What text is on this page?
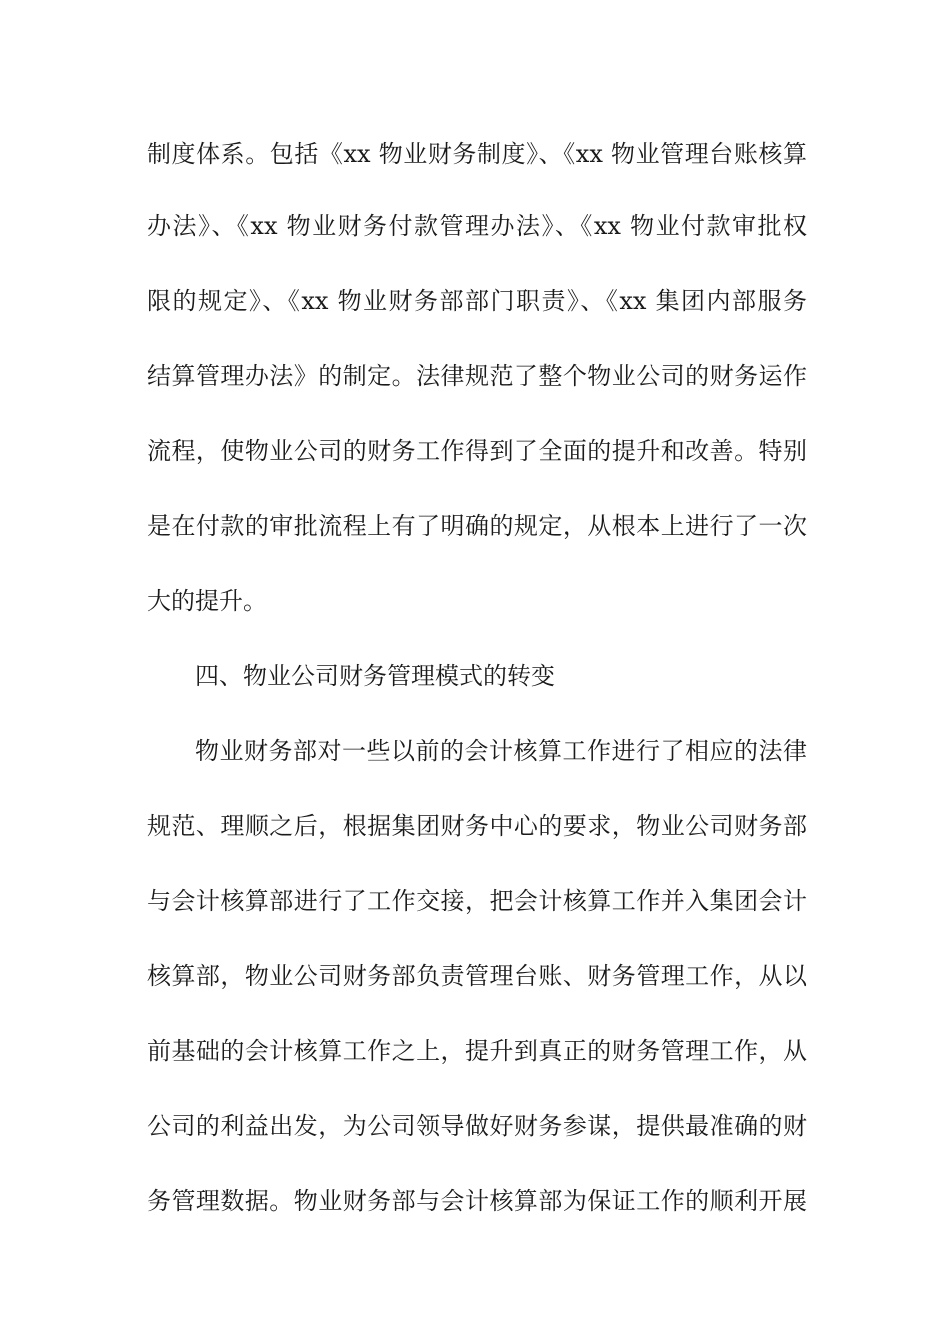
制度体系。包括《xx 物业财务制度》、《xx 物业管理台账核算

办法》、《xx 物业财务付款管理办法》、《xx 物业付款审批权

限的规定》、《xx 物业财务部部门职责》、《xx 集团内部服务

结算管理办法》的制定。法律规范了整个物业公司的财务运作

流程，使物业公司的财务工作得到了全面的提升和改善。特别

是在付款的审批流程上有了明确的规定，从根本上进行了一次

大的提升。

四、物业公司财务管理模式的转变

物业财务部对一些以前的会计核算工作进行了相应的法律

规范、理顺之后，根据集团财务中心的要求，物业公司财务部

与会计核算部进行了工作交接，把会计核算工作并入集团会计

核算部，物业公司财务部负责管理台账、财务管理工作，从以

前基础的会计核算工作之上，提升到真正的财务管理工作，从

公司的利益出发，为公司领导做好财务参谋，提供最准确的财

务管理数据。物业财务部与会计核算部为保证工作的顺利开展
